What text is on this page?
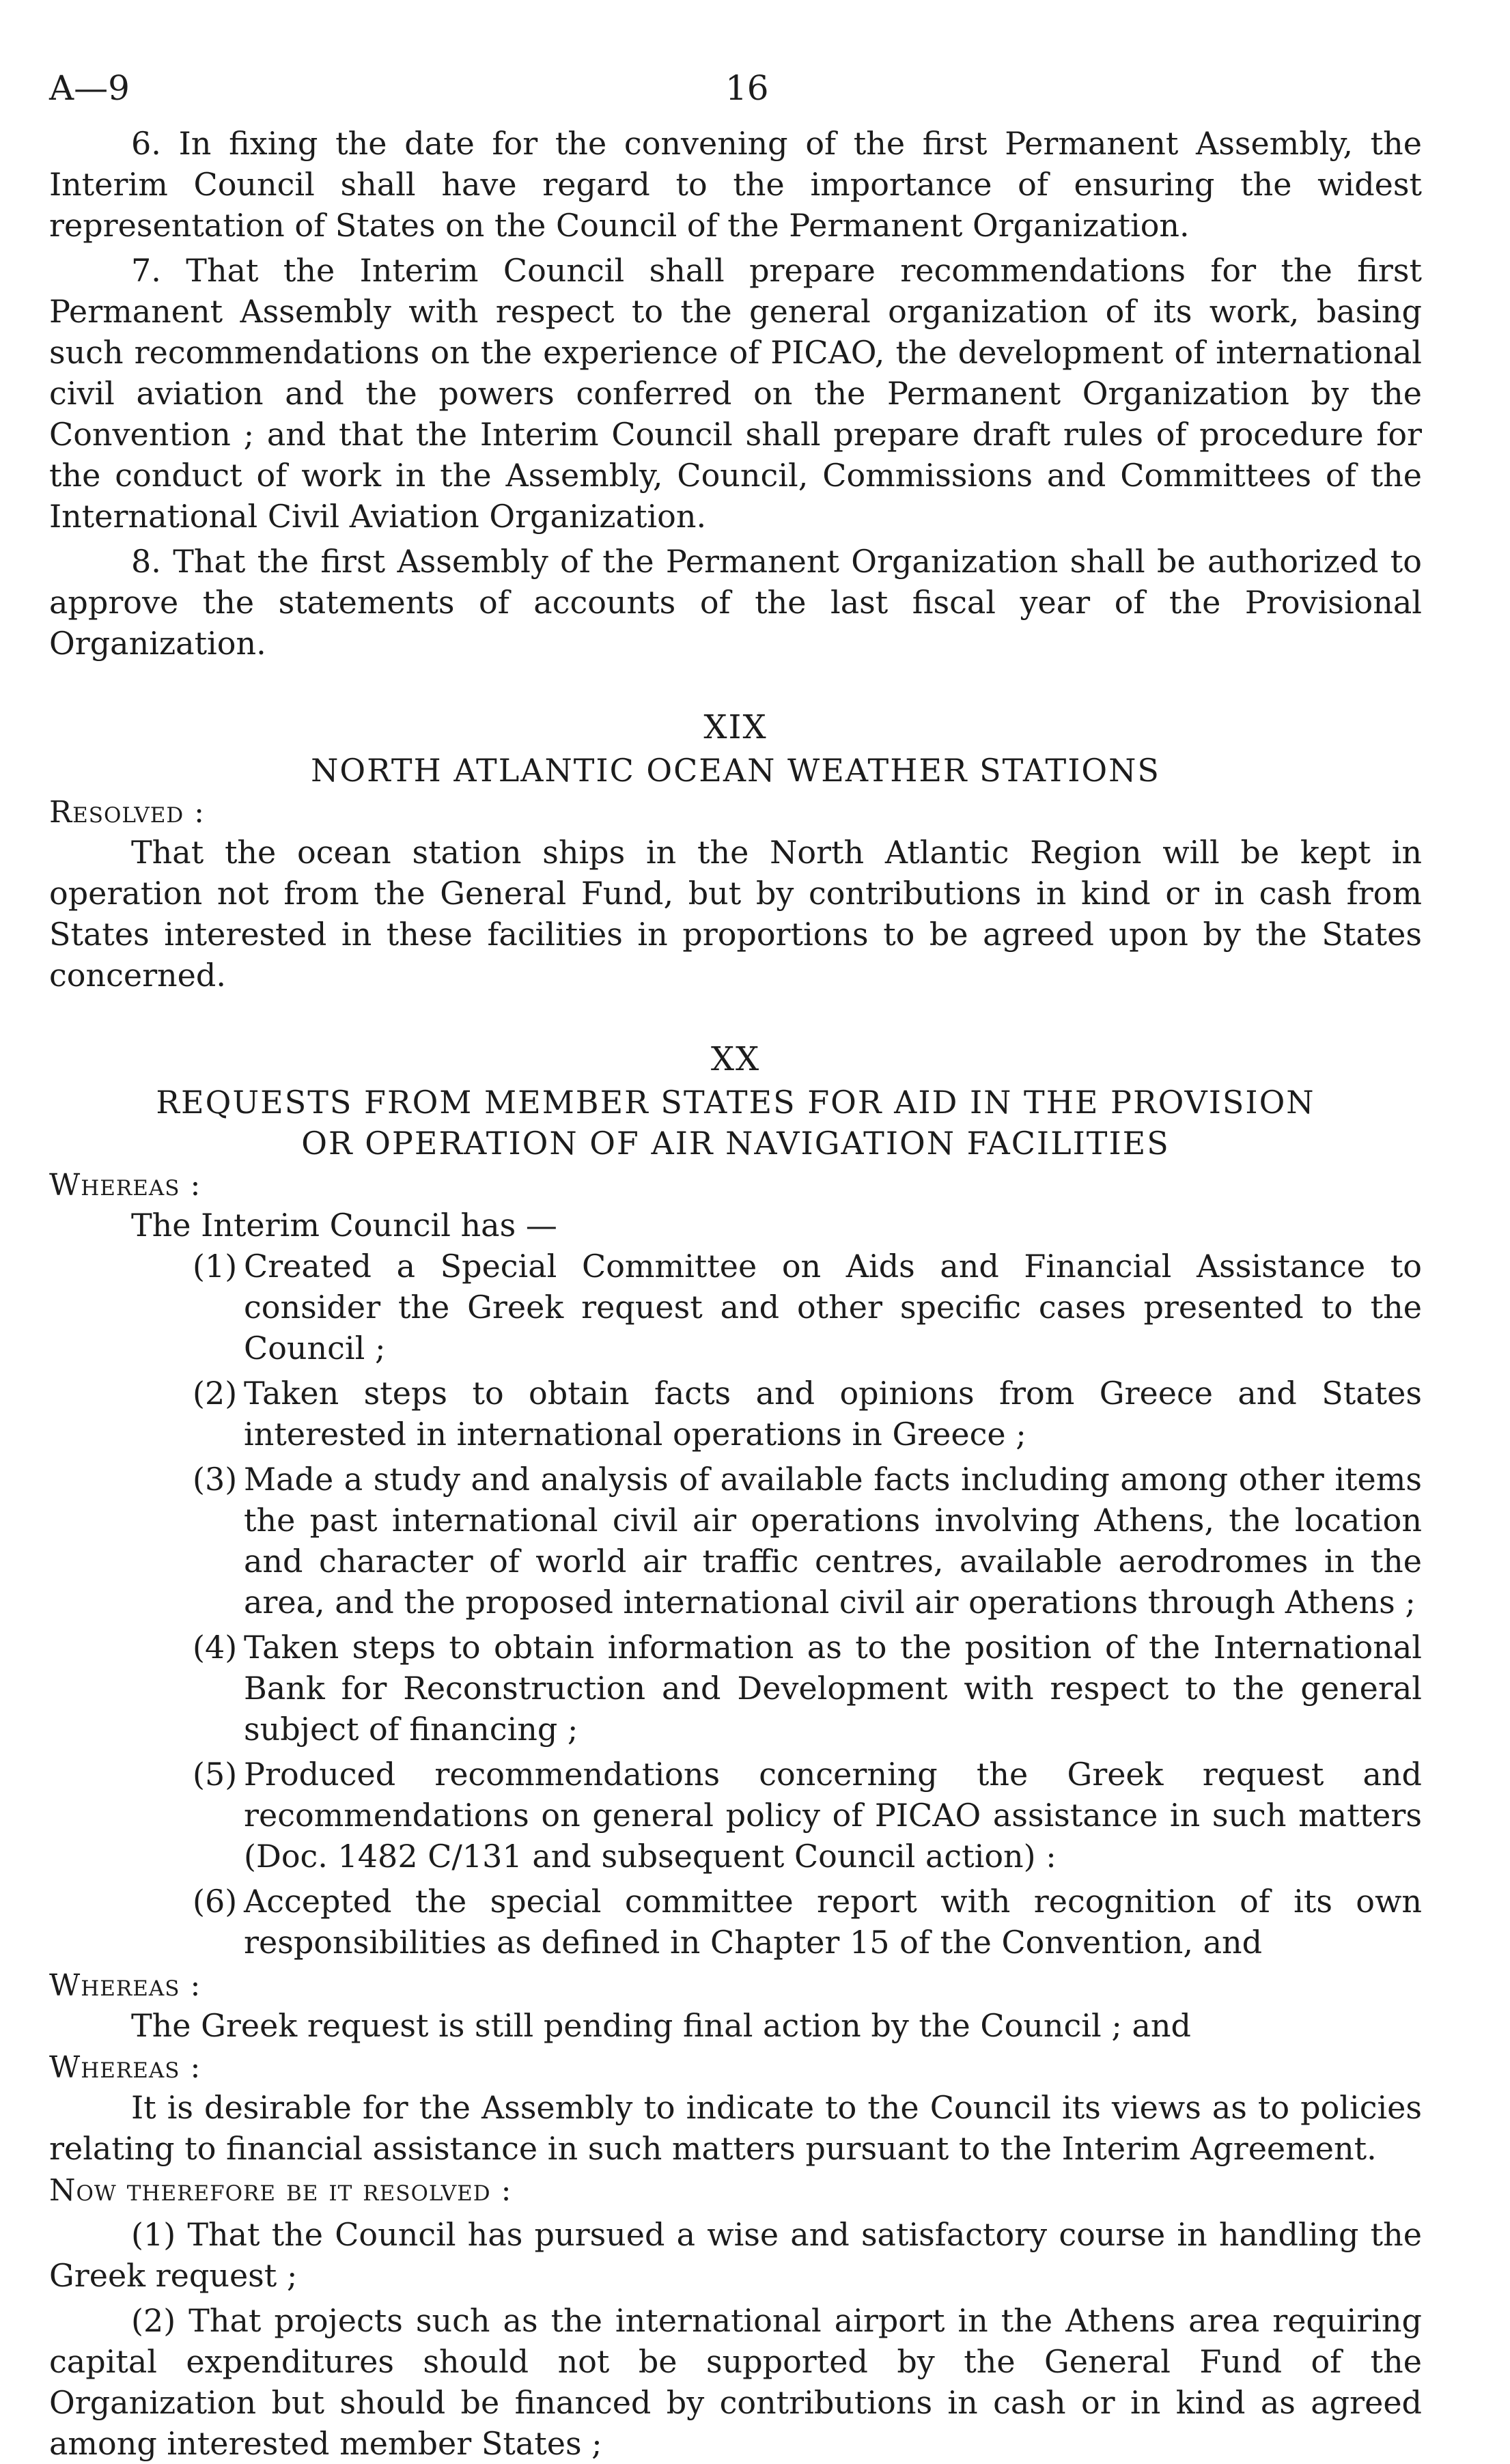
A—9	16

6. In fixing the date for the convening of the first Permanent Assembly, the Interim Council shall have regard to the importance of ensuring the widest representation of States on the Council of the Permanent Organization.

7. That the Interim Council shall prepare recommendations for the first Permanent Assembly with respect to the general organization of its work, basing such recommendations on the experience of PICAO, the development of international civil aviation and the powers conferred on the Permanent Organization by the Convention ; and that the Interim Council shall prepare draft rules of procedure for the conduct of work in the Assembly, Council, Commissions and Committees of the International Civil Aviation Organization.

8. That the first Assembly of the Permanent Organization shall be authorized to approve the statements of accounts of the last fiscal year of the Provisional Organization.

XIX
NORTH ATLANTIC OCEAN WEATHER STATIONS
Resolved :

That the ocean station ships in the North Atlantic Region will be kept in operation not from the General Fund, but by contributions in kind or in cash from States interested in these facilities in proportions to be agreed upon by the States concerned.

XX
REQUESTS FROM MEMBER STATES FOR AID IN THE PROVISION OR OPERATION OF AIR NAVIGATION FACILITIES
Whereas :

The Interim Council has —

(1) Created a Special Committee on Aids and Financial Assistance to consider the Greek request and other specific cases presented to the Council ;
(2) Taken steps to obtain facts and opinions from Greece and States interested in international operations in Greece ;
(3) Made a study and analysis of available facts including among other items the past international civil air operations involving Athens, the location and character of world air traffic centres, available aerodromes in the area, and the proposed international civil air operations through Athens ;
(4) Taken steps to obtain information as to the position of the International Bank for Reconstruction and Development with respect to the general subject of financing ;
(5) Produced recommendations concerning the Greek request and recommendations on general policy of PICAO assistance in such matters (Doc. 1482 C/131 and subsequent Council action) :
(6) Accepted the special committee report with recognition of its own responsibilities as defined in Chapter 15 of the Convention, and
Whereas :

The Greek request is still pending final action by the Council ; and

Whereas :

It is desirable for the Assembly to indicate to the Council its views as to policies relating to financial assistance in such matters pursuant to the Interim Agreement.

Now therefore be it resolved :

(1) That the Council has pursued a wise and satisfactory course in handling the Greek request ;

(2) That projects such as the international airport in the Athens area requiring capital expenditures should not be supported by the General Fund of the Organization but should be financed by contributions in cash or in kind as agreed among interested member States ;
